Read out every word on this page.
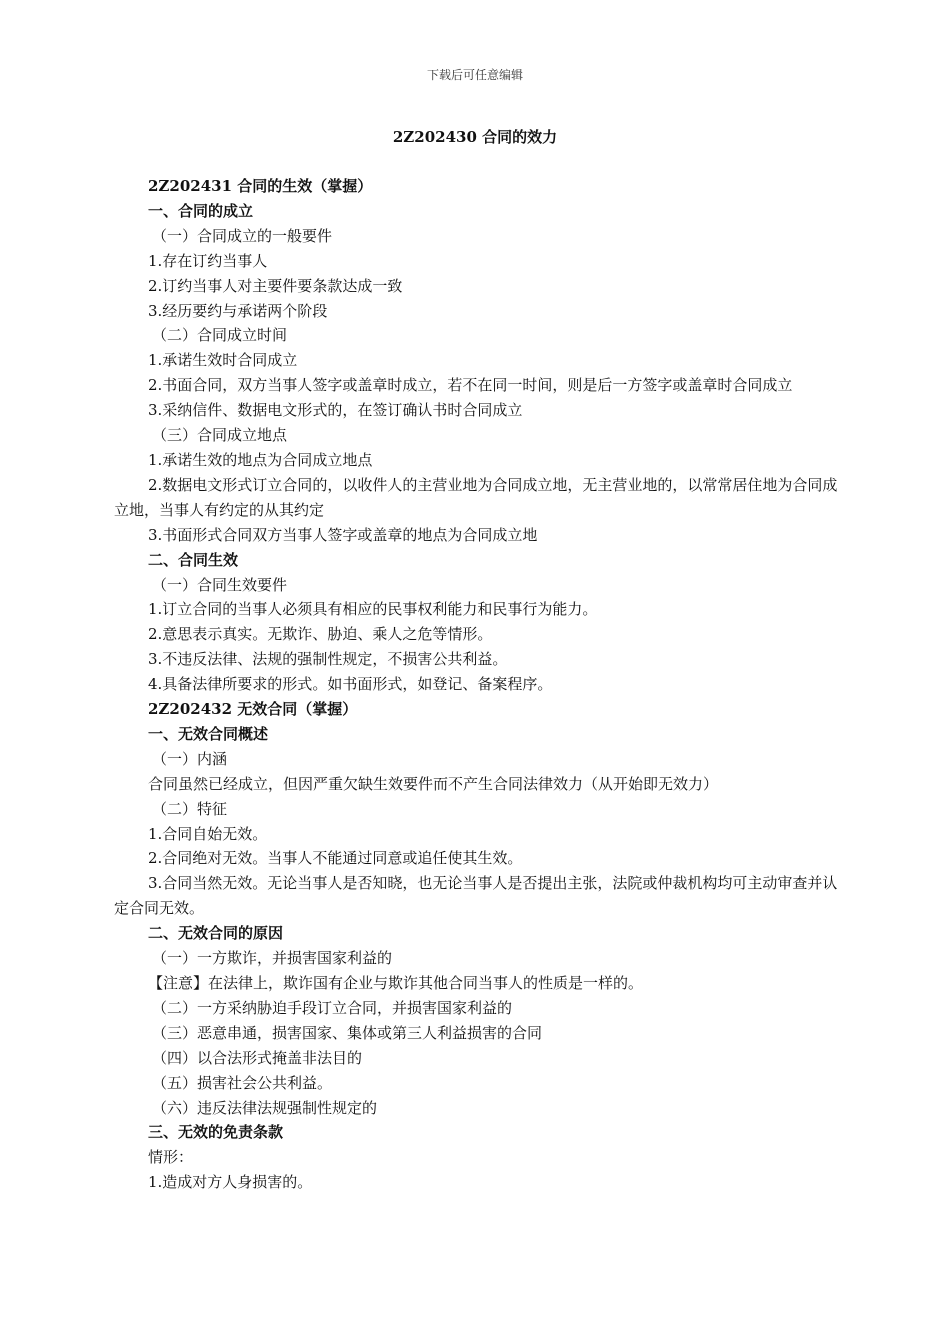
下载后可任意编辑
2Z202430 合同的效力

2Z202431 合同的生效（掌握）

一、合同的成立

（一）合同成立的一般要件

1.存在订约当事人

2.订约当事人对主要件要条款达成一致

3.经历要约与承诺两个阶段

（二）合同成立时间

1.承诺生效时合同成立

2.书面合同，双方当事人签字或盖章时成立，若不在同一时间，则是后一方签字或盖章时合同成立

3.采纳信件、数据电文形式的，在签订确认书时合同成立

（三）合同成立地点

1.承诺生效的地点为合同成立地点

2.数据电文形式订立合同的，以收件人的主营业地为合同成立地，无主营业地的，以常常居住地为合同成立地，当事人有约定的从其约定

3.书面形式合同双方当事人签字或盖章的地点为合同成立地

二、合同生效

（一）合同生效要件

1.订立合同的当事人必须具有相应的民事权利能力和民事行为能力。

2.意思表示真实。无欺诈、胁迫、乘人之危等情形。

3.不违反法律、法规的强制性规定，不损害公共利益。

4.具备法律所要求的形式。如书面形式，如登记、备案程序。

2Z202432 无效合同（掌握）

一、无效合同概述

（一）内涵

合同虽然已经成立，但因严重欠缺生效要件而不产生合同法律效力（从开始即无效力）

（二）特征

1.合同自始无效。

2.合同绝对无效。当事人不能通过同意或追任使其生效。

3.合同当然无效。无论当事人是否知晓，也无论当事人是否提出主张，法院或仲裁机构均可主动审查并认定合同无效。

二、无效合同的原因

（一）一方欺诈，并损害国家利益的

【注意】在法律上，欺诈国有企业与欺诈其他合同当事人的性质是一样的。

（二）一方采纳胁迫手段订立合同，并损害国家利益的

（三）恶意串通，损害国家、集体或第三人利益损害的合同

（四）以合法形式掩盖非法目的

（五）损害社会公共利益。

（六）违反法律法规强制性规定的

三、无效的免责条款

情形：

1.造成对方人身损害的。
